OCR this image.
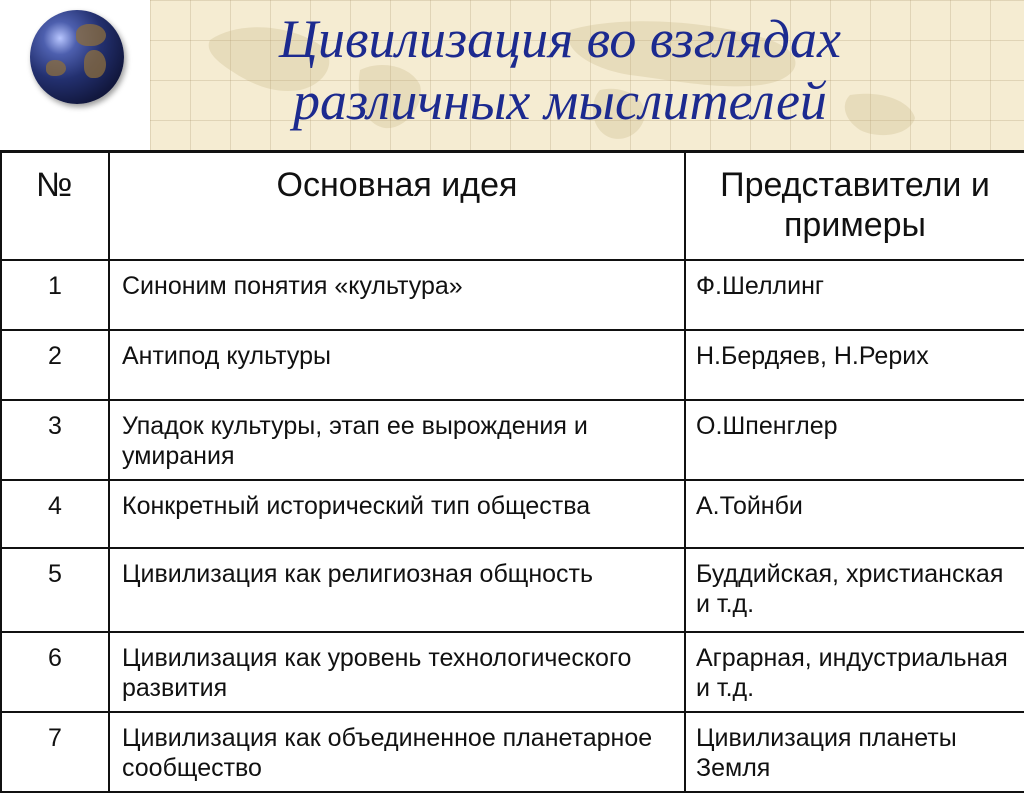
Цивилизация во взглядах
различных мыслителей
№	Основная идея	Представители и примеры
1	Синоним понятия «культура»	Ф.Шеллинг
2	Антипод культуры	Н.Бердяев, Н.Рерих
3	Упадок культуры, этап ее вырождения и умирания	О.Шпенглер
4	Конкретный исторический тип общества	А.Тойнби
5	Цивилизация как религиозная общность	Буддийская, христианская и т.д.
6	Цивилизация как уровень технологического развития	Аграрная, индустриальная и т.д.
7	Цивилизация как объединенное планетарное сообщество	Цивилизация планеты Земля
